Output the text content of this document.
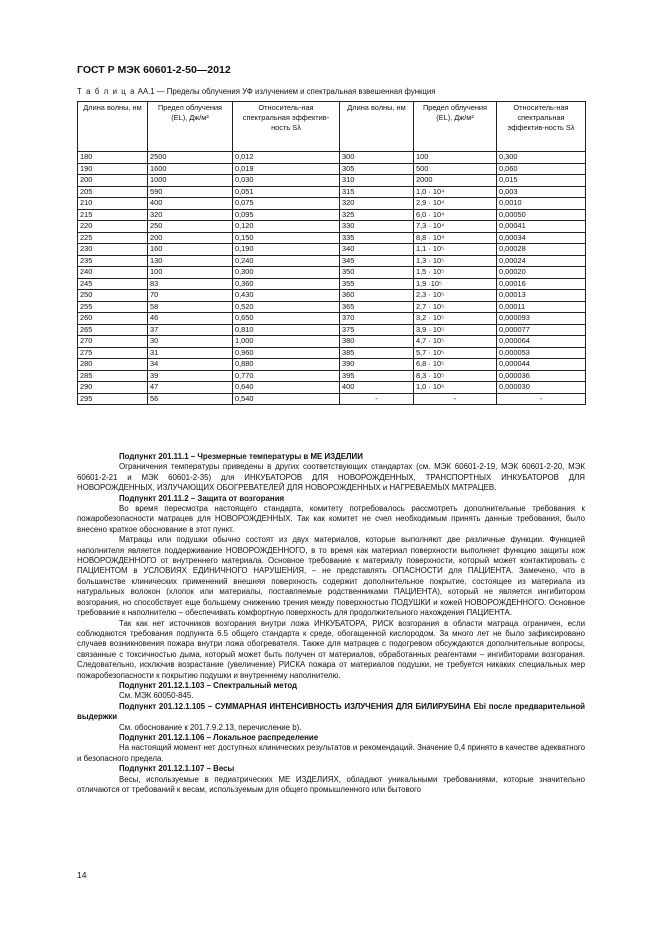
ГОСТ Р МЭК 60601-2-50—2012
Т а б л и ц а АА.1 — Пределы облучения УФ излучением и спектральная взвешенная функция
Длина волны, нм	Предел облучения (EL), Дж/м²	Относитель-ная спектральная эффектив-ность Sλ	Длина волны, нм	Предел облучения (EL), Дж/м²	Относитель-ная спектральная эффектив-ность Sλ
180	2500	0,012	300	100	0,300
190	1600	0,019	305	500	0,060
200	1000	0,030	310	2000	0,015
205	590	0,051	315	1,0 · 10⁴	0,003
210	400	0,075	320	2,9 · 10⁴	0,0010
215	320	0,095	325	6,0 · 10⁴	0,00050
220	250	0,120	330	7,3 · 10⁴	0,00041
225	200	0,150	335	8,8 · 10⁴	0,00034
230	160	0,190	340	1,1 · 10⁵	0,00028
235	130	0,240	345	1,3 · 10⁵	0,00024
240	100	0,300	350	1,5 · 10⁵	0,00020
245	83	0,360	355	1,9 ·10⁵	0,00016
250	70	0,430	360	2,3 · 10⁵	0,00013
255	58	0,520	365	2,7 · 10⁵	0,00011
260	46	0,650	370	3,2 · 10⁵	0,000093
265	37	0,810	375	3,9 · 10⁵	0,000077
270	30	1,000	380	4,7 · 10⁵	0,000064
275	31	0,960	385	5,7 · 10⁵	0,000053
280	34	0,880	390	6,8 · 10⁵	0,000044
285	39	0,770	395	8,3 · 10⁵	0,000036
290	47	0,640	400	1,0 · 10⁶	0,000030
295	56	0,540	-	-	-

Подпункт 201.11.1 – Чрезмерные температуры в МЕ ИЗДЕЛИИ

Ограничения температуры приведены в других соответствующих стандартах (см. МЭК 60601-2-19, МЭК 60601-2-20, МЭК 60601-2-21 и МЭК 60601-2-35) для ИНКУБАТОРОВ ДЛЯ НОВОРОЖДЕННЫХ, ТРАНСПОРТНЫХ ИНКУБАТОРОВ ДЛЯ НОВОРОЖДЕННЫХ, ИЗЛУЧАЮЩИХ ОБОГРЕВАТЕЛЕЙ ДЛЯ НОВОРОЖДЕННЫХ и НАГРЕВАЕМЫХ МАТРАЦЕВ.

Подпункт 201.11.2 – Защита от возгорания

Во время пересмотра настоящего стандарта, комитету потребовалось рассмотреть дополнительные требования к пожаробезопасности матрацев для НОВОРОЖДЕННЫХ. Так как комитет не счел необходимым принять данные требования, было внесено краткое обоснование в этот пункт.

Матрацы или подушки обычно состоят из двух материалов, которые выполняют две различные функции. Функцией наполнителя является поддерживание НОВОРОЖДЕННОГО, в то время как материал поверхности выполняет функцию защиты кож НОВОРОЖДЕННОГО от внутреннего материала. Основное требование к материалу поверхности, который может контактировать с ПАЦИЕНТОМ в УСЛОВИЯХ ЕДИНИЧНОГО НАРУШЕНИЯ, – не представлять ОПАСНОСТИ для ПАЦИЕНТА. Замечено, что в большинстве клинических применений внешняя поверхность содержит дополнительное покрытие, состоящее из материала из натуральных волокон (хлопок или материалы, поставляемые родственниками ПАЦИЕНТА), который не является ингибитором возгорания, но способствует еще большему снижению трения между поверхностью ПОДУШКИ и кожей НОВОРОЖДЕННОГО. Основное требование к наполнителю – обеспечивать комфортную поверхность для продолжительного нахождения ПАЦИЕНТА.

Так как нет источников возгорания внутри ложа ИНКУБАТОРА, РИСК возгорания в области матраца ограничен, если соблюдаются требования подпункта 6.5 общего стандарта к среде, обогащенной кислородом. За много лет не было зафиксировано случаев возникновения пожара внутри ложа обогревателя. Также для матрацев с подогревом обсуждаются дополнительные вопросы, связанные с токсичностью дыма, который может быть получен от материалов, обработанных реагентами – ингибиторами возгорания. Следовательно, исключив возрастание (увеличение) РИСКА пожара от материалов подушки, не требуется никаких специальных мер пожаробезопасности к покрытию подушки и внутреннему наполнителю.

Подпункт 201.12.1.103 – Спектральный метод

См. МЭК 60050-845.

Подпункт 201.12.1.105 – СУММАРНАЯ ИНТЕНСИВНОСТЬ ИЗЛУЧЕНИЯ ДЛЯ БИЛИРУБИНА Ebi после предварительной выдержки

См. обоснование к 201.7.9.2.13, перечисление b).

Подпункт 201.12.1.106 – Локальное распределение

На настоящий момент нет доступных клинических результатов и рекомендаций. Значение 0,4 принято в качестве адекватного и безопасного предела.

Подпункт 201.12.1.107 – Весы

Весы, используемые в педиатрических МЕ ИЗДЕЛИЯХ, обладают уникальными требованиями, которые значительно отличаются от требований к весам, используемым для общего промышленного или бытового

14
